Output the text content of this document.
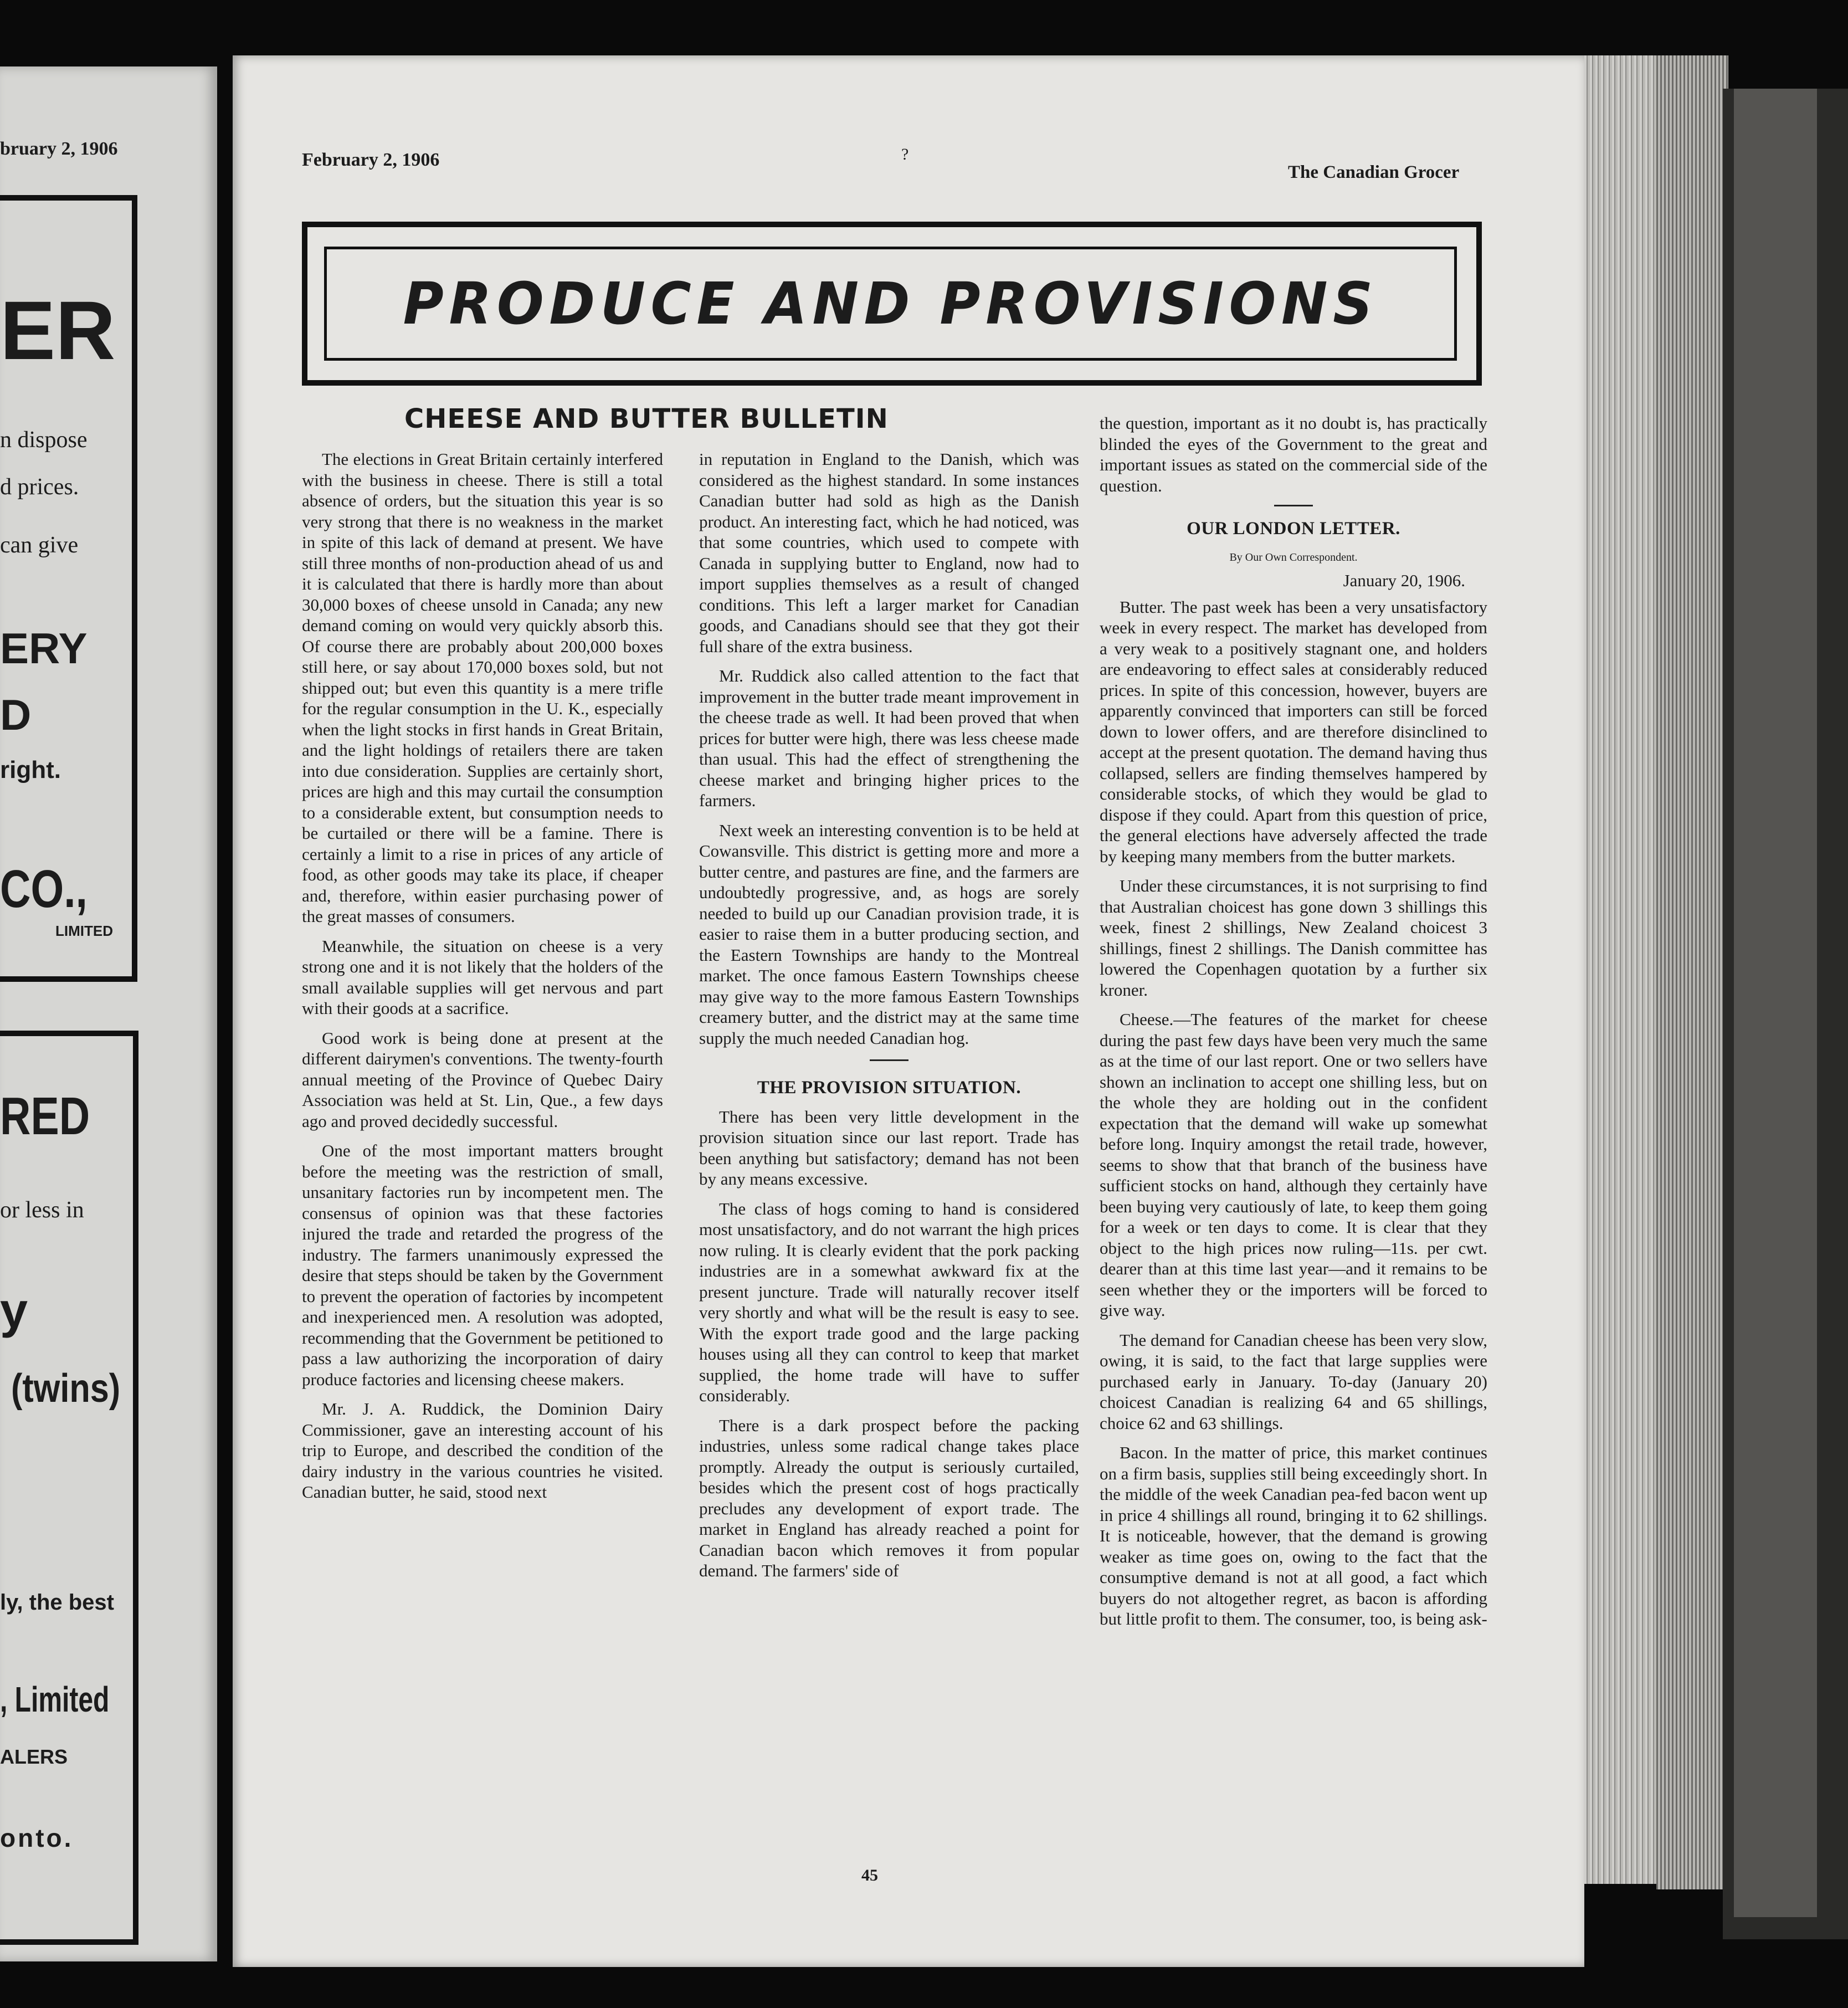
bruary 2, 1906
ER
n dispose
d prices.
can give
ERY
D
right.
CO.,
LIMITED
RED
or less in
y
(twins)
ly, the best
, Limited
ALERS
onto.
February 2, 1906	?
The Canadian Grocer
PRODUCE AND PROVISIONS
CHEESE AND BUTTER BULLETIN

The elections in Great Britain certainly interfered with the business in cheese. There is still a total absence of orders, but the situation this year is so very strong that there is no weakness in the market in spite of this lack of demand at present. We have still three months of non-production ahead of us and it is calculated that there is hardly more than about 30,000 boxes of cheese unsold in Canada; any new demand coming on would very quickly absorb this. Of course there are probably about 200,000 boxes still here, or say about 170,000 boxes sold, but not shipped out; but even this quantity is a mere trifle for the regular consumption in the U. K., especially when the light stocks in first hands in Great Britain, and the light holdings of retailers there are taken into due consideration. Supplies are certainly short, prices are high and this may curtail the consumption to a considerable extent, but consumption needs to be curtailed or there will be a famine. There is certainly a limit to a rise in prices of any article of food, as other goods may take its place, if cheaper and, therefore, within easier purchasing power of the great masses of consumers.

Meanwhile, the situation on cheese is a very strong one and it is not likely that the holders of the small available supplies will get nervous and part with their goods at a sacrifice.

Good work is being done at present at the different dairymen's conventions. The twenty-fourth annual meeting of the Province of Quebec Dairy Association was held at St. Lin, Que., a few days ago and proved decidedly successful.

One of the most important matters brought before the meeting was the restriction of small, unsanitary factories run by incompetent men. The consensus of opinion was that these factories injured the trade and retarded the progress of the industry. The farmers unanimously expressed the desire that steps should be taken by the Government to prevent the operation of factories by incompetent and inexperienced men. A resolution was adopted, recommending that the Government be petitioned to pass a law authorizing the incorporation of dairy produce factories and licensing cheese makers.

Mr. J. A. Ruddick, the Dominion Dairy Commissioner, gave an interesting account of his trip to Europe, and described the condition of the dairy industry in the various countries he visited. Canadian butter, he said, stood next

in reputation in England to the Danish, which was considered as the highest standard. In some instances Canadian butter had sold as high as the Danish product. An interesting fact, which he had noticed, was that some countries, which used to compete with Canada in supplying butter to England, now had to import supplies themselves as a result of changed conditions. This left a larger market for Canadian goods, and Canadians should see that they got their full share of the extra business.

Mr. Ruddick also called attention to the fact that improvement in the butter trade meant improvement in the cheese trade as well. It had been proved that when prices for butter were high, there was less cheese made than usual. This had the effect of strengthening the cheese market and bringing higher prices to the farmers.

Next week an interesting convention is to be held at Cowansville. This district is getting more and more a butter centre, and pastures are fine, and the farmers are undoubtedly progressive, and, as hogs are sorely needed to build up our Canadian provision trade, it is easier to raise them in a butter producing section, and the Eastern Townships are handy to the Montreal market. The once famous Eastern Townships cheese may give way to the more famous Eastern Townships creamery butter, and the district may at the same time supply the much needed Canadian hog.

THE PROVISION SITUATION.

There has been very little development in the provision situation since our last report. Trade has been anything but satisfactory; demand has not been by any means excessive.

The class of hogs coming to hand is considered most unsatisfactory, and do not warrant the high prices now ruling. It is clearly evident that the pork packing industries are in a somewhat awkward fix at the present juncture. Trade will naturally recover itself very shortly and what will be the result is easy to see. With the export trade good and the large packing houses using all they can control to keep that market supplied, the home trade will have to suffer considerably.

There is a dark prospect before the packing industries, unless some radical change takes place promptly. Already the output is seriously curtailed, besides which the present cost of hogs practically precludes any development of export trade. The market in England has already reached a point for Canadian bacon which removes it from popular demand. The farmers' side of

the question, important as it no doubt is, has practically blinded the eyes of the Government to the great and important issues as stated on the commercial side of the question.

OUR LONDON LETTER.
By Our Own Correspondent.
January 20, 1906.

Butter. The past week has been a very unsatisfactory week in every respect. The market has developed from a very weak to a positively stagnant one, and holders are endeavoring to effect sales at considerably reduced prices. In spite of this concession, however, buyers are apparently convinced that importers can still be forced down to lower offers, and are therefore disinclined to accept at the present quotation. The demand having thus collapsed, sellers are finding themselves hampered by considerable stocks, of which they would be glad to dispose if they could. Apart from this question of price, the general elections have adversely affected the trade by keeping many members from the butter markets.

Under these circumstances, it is not surprising to find that Australian choicest has gone down 3 shillings this week, finest 2 shillings, New Zealand choicest 3 shillings, finest 2 shillings. The Danish committee has lowered the Copenhagen quotation by a further six kroner.

Cheese.—The features of the market for cheese during the past few days have been very much the same as at the time of our last report. One or two sellers have shown an inclination to accept one shilling less, but on the whole they are holding out in the confident expectation that the demand will wake up somewhat before long. Inquiry amongst the retail trade, however, seems to show that that branch of the business have sufficient stocks on hand, although they certainly have been buying very cautiously of late, to keep them going for a week or ten days to come. It is clear that they object to the high prices now ruling—11s. per cwt. dearer than at this time last year—and it remains to be seen whether they or the importers will be forced to give way.

The demand for Canadian cheese has been very slow, owing, it is said, to the fact that large supplies were purchased early in January. To-day (January 20) choicest Canadian is realizing 64 and 65 shillings, choice 62 and 63 shillings.

Bacon. In the matter of price, this market continues on a firm basis, supplies still being exceedingly short. In the middle of the week Canadian pea-fed bacon went up in price 4 shillings all round, bringing it to 62 shillings. It is noticeable, however, that the demand is growing weaker as time goes on, owing to the fact that the consumptive demand is not at all good, a fact which buyers do not altogether regret, as bacon is affording but little profit to them. The consumer, too, is being ask-

45
